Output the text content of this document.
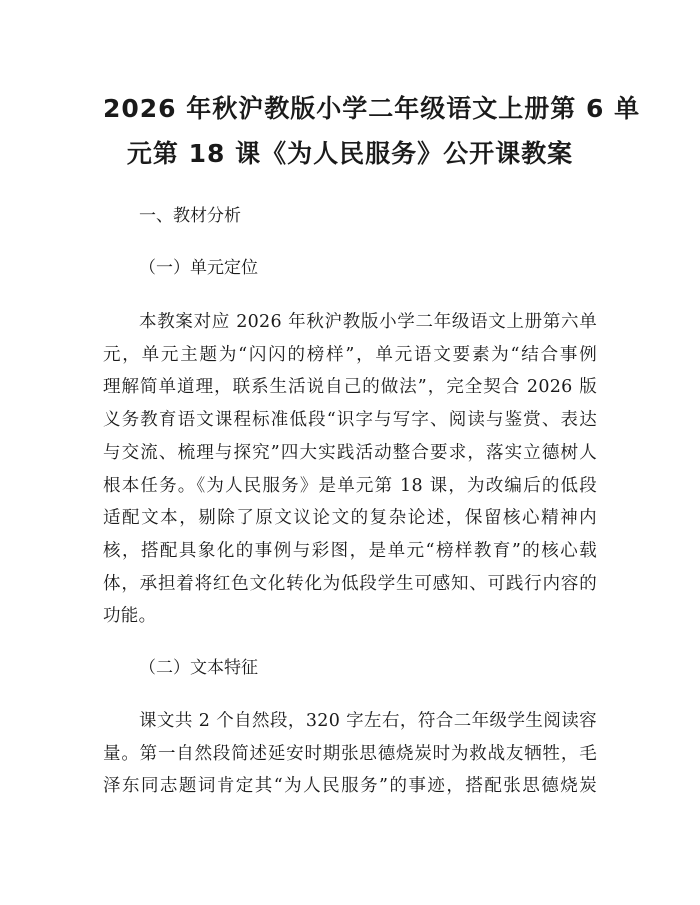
2026 年秋沪教版小学二年级语文上册第 6 单
元第 18 课《为人民服务》公开课教案

一、教材分析

（一）单元定位

本教案对应 2026 年秋沪教版小学二年级语文上册第六单
元，单元主题为“闪闪的榜样”，单元语文要素为“结合事例
理解简单道理，联系生活说自己的做法”，完全契合 2026 版
义务教育语文课程标准低段“识字与写字、阅读与鉴赏、表达
与交流、梳理与探究”四大实践活动整合要求，落实立德树人
根本任务。《为人民服务》是单元第 18 课，为改编后的低段
适配文本，剔除了原文议论文的复杂论述，保留核心精神内
核，搭配具象化的事例与彩图，是单元“榜样教育”的核心载
体，承担着将红色文化转化为低段学生可感知、可践行内容的
功能。

（二）文本特征

课文共 2 个自然段，320 字左右，符合二年级学生阅读容
量。第一自然段简述延安时期张思德烧炭时为救战友牺牲，毛
泽东同志题词肯定其“为人民服务”的事迹，搭配张思德烧炭
